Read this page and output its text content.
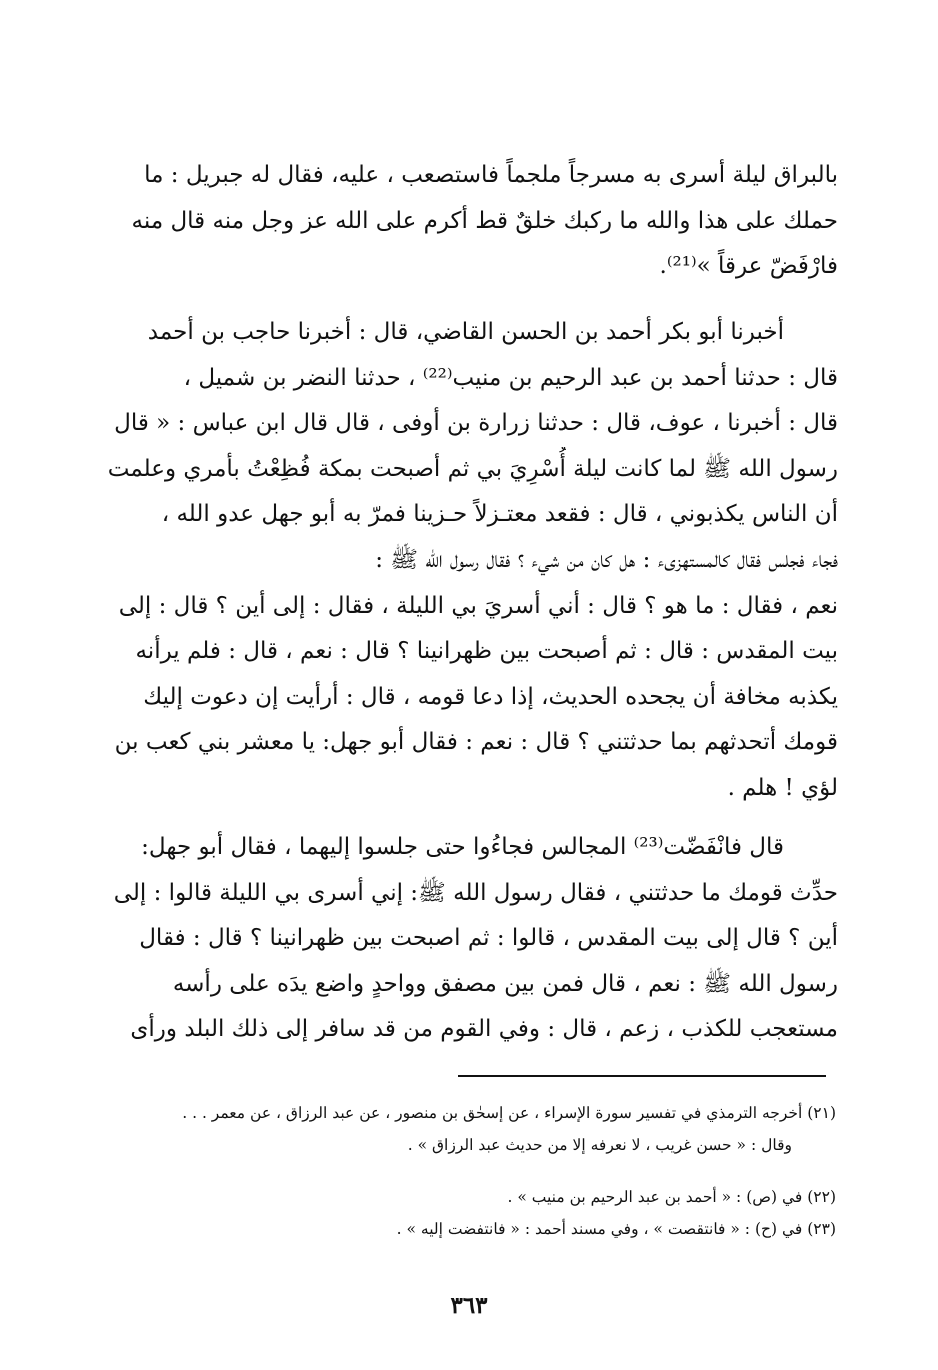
بالبراق ليلة أسرى به مسرجاً ملجماً فاستصعب ، عليه، فقال له جبريل : ما
حملك على هذا والله ما ركبك خلقٌ قط أكرم على الله عز وجل منه قال منه
فارْفَضّ عرقاً »⁽²¹⁾.
أخبرنا أبو بكر أحمد بن الحسن القاضي، قال : أخبرنا حاجب بن أحمد
قال : حدثنا أحمد بن عبد الرحيم بن منيب⁽²²⁾ ، حدثنا النضر بن شميل ،
قال : أخبرنا ، عوف، قال : حدثنا زرارة بن أوفى ، قال قال ابن عباس : « قال
رسول الله ﷺ لما كانت ليلة أُسْرِيَ بي ثم أصبحت بمكة فُظِعْتُ بأمري وعلمت
أن الناس يكذبوني ، قال : فقعد معتـزلاً حـزينا فمرّ به أبو جهل عدو الله ،
فجاء فجلس فقال كالمستهزىء : هل كان من شيء ؟ فقال رسول الله ﷺ :
نعم ، فقال : ما هو ؟ قال : أني أسريَ بي الليلة ، فقال : إلى أين ؟ قال : إلى
بيت المقدس : قال : ثم أصبحت بين ظهرانينا ؟ قال : نعم ، قال : فلم يرأنه
يكذبه مخافة أن يجحده الحديث، إذا دعا قومه ، قال : أرأيت إن دعوت إليك
قومك أتحدثهم بما حدثتني ؟ قال : نعم : فقال أبو جهل: يا معشر بني كعب بن
لؤي ! هلم .
قال فانْفَضّت⁽²³⁾ المجالس فجاءُوا حتى جلسوا إليهما ، فقال أبو جهل:
حدِّث قومك ما حدثتني ، فقال رسول الله ﷺ: إني أسرى بي الليلة قالوا : إلى
أين ؟ قال إلى بيت المقدس ، قالوا : ثم اصبحت بين ظهرانينا ؟ قال : فقال
رسول الله ﷺ : نعم ، قال فمن بين مصفق وواحدٍ واضع يدَه على رأسه
مستعجب للكذب ، زعم ، قال : وفي القوم من قد سافر إلى ذلك البلد ورأى
(٢١) أخرجه الترمذي في تفسير سورة الإسراء ، عن إسحٰق بن منصور ، عن عبد الرزاق ، عن معمر . . .
وقال : « حسن غريب ، لا نعرفه إلا من حديث عبد الرزاق » .
(٢٢) في (ص) : « أحمد بن عبد الرحيم بن منيب » .
(٢٣) في (ح) : « فانتقصت » ، وفي مسند أحمد : « فانتفضت إليه » .
٣٦٣
